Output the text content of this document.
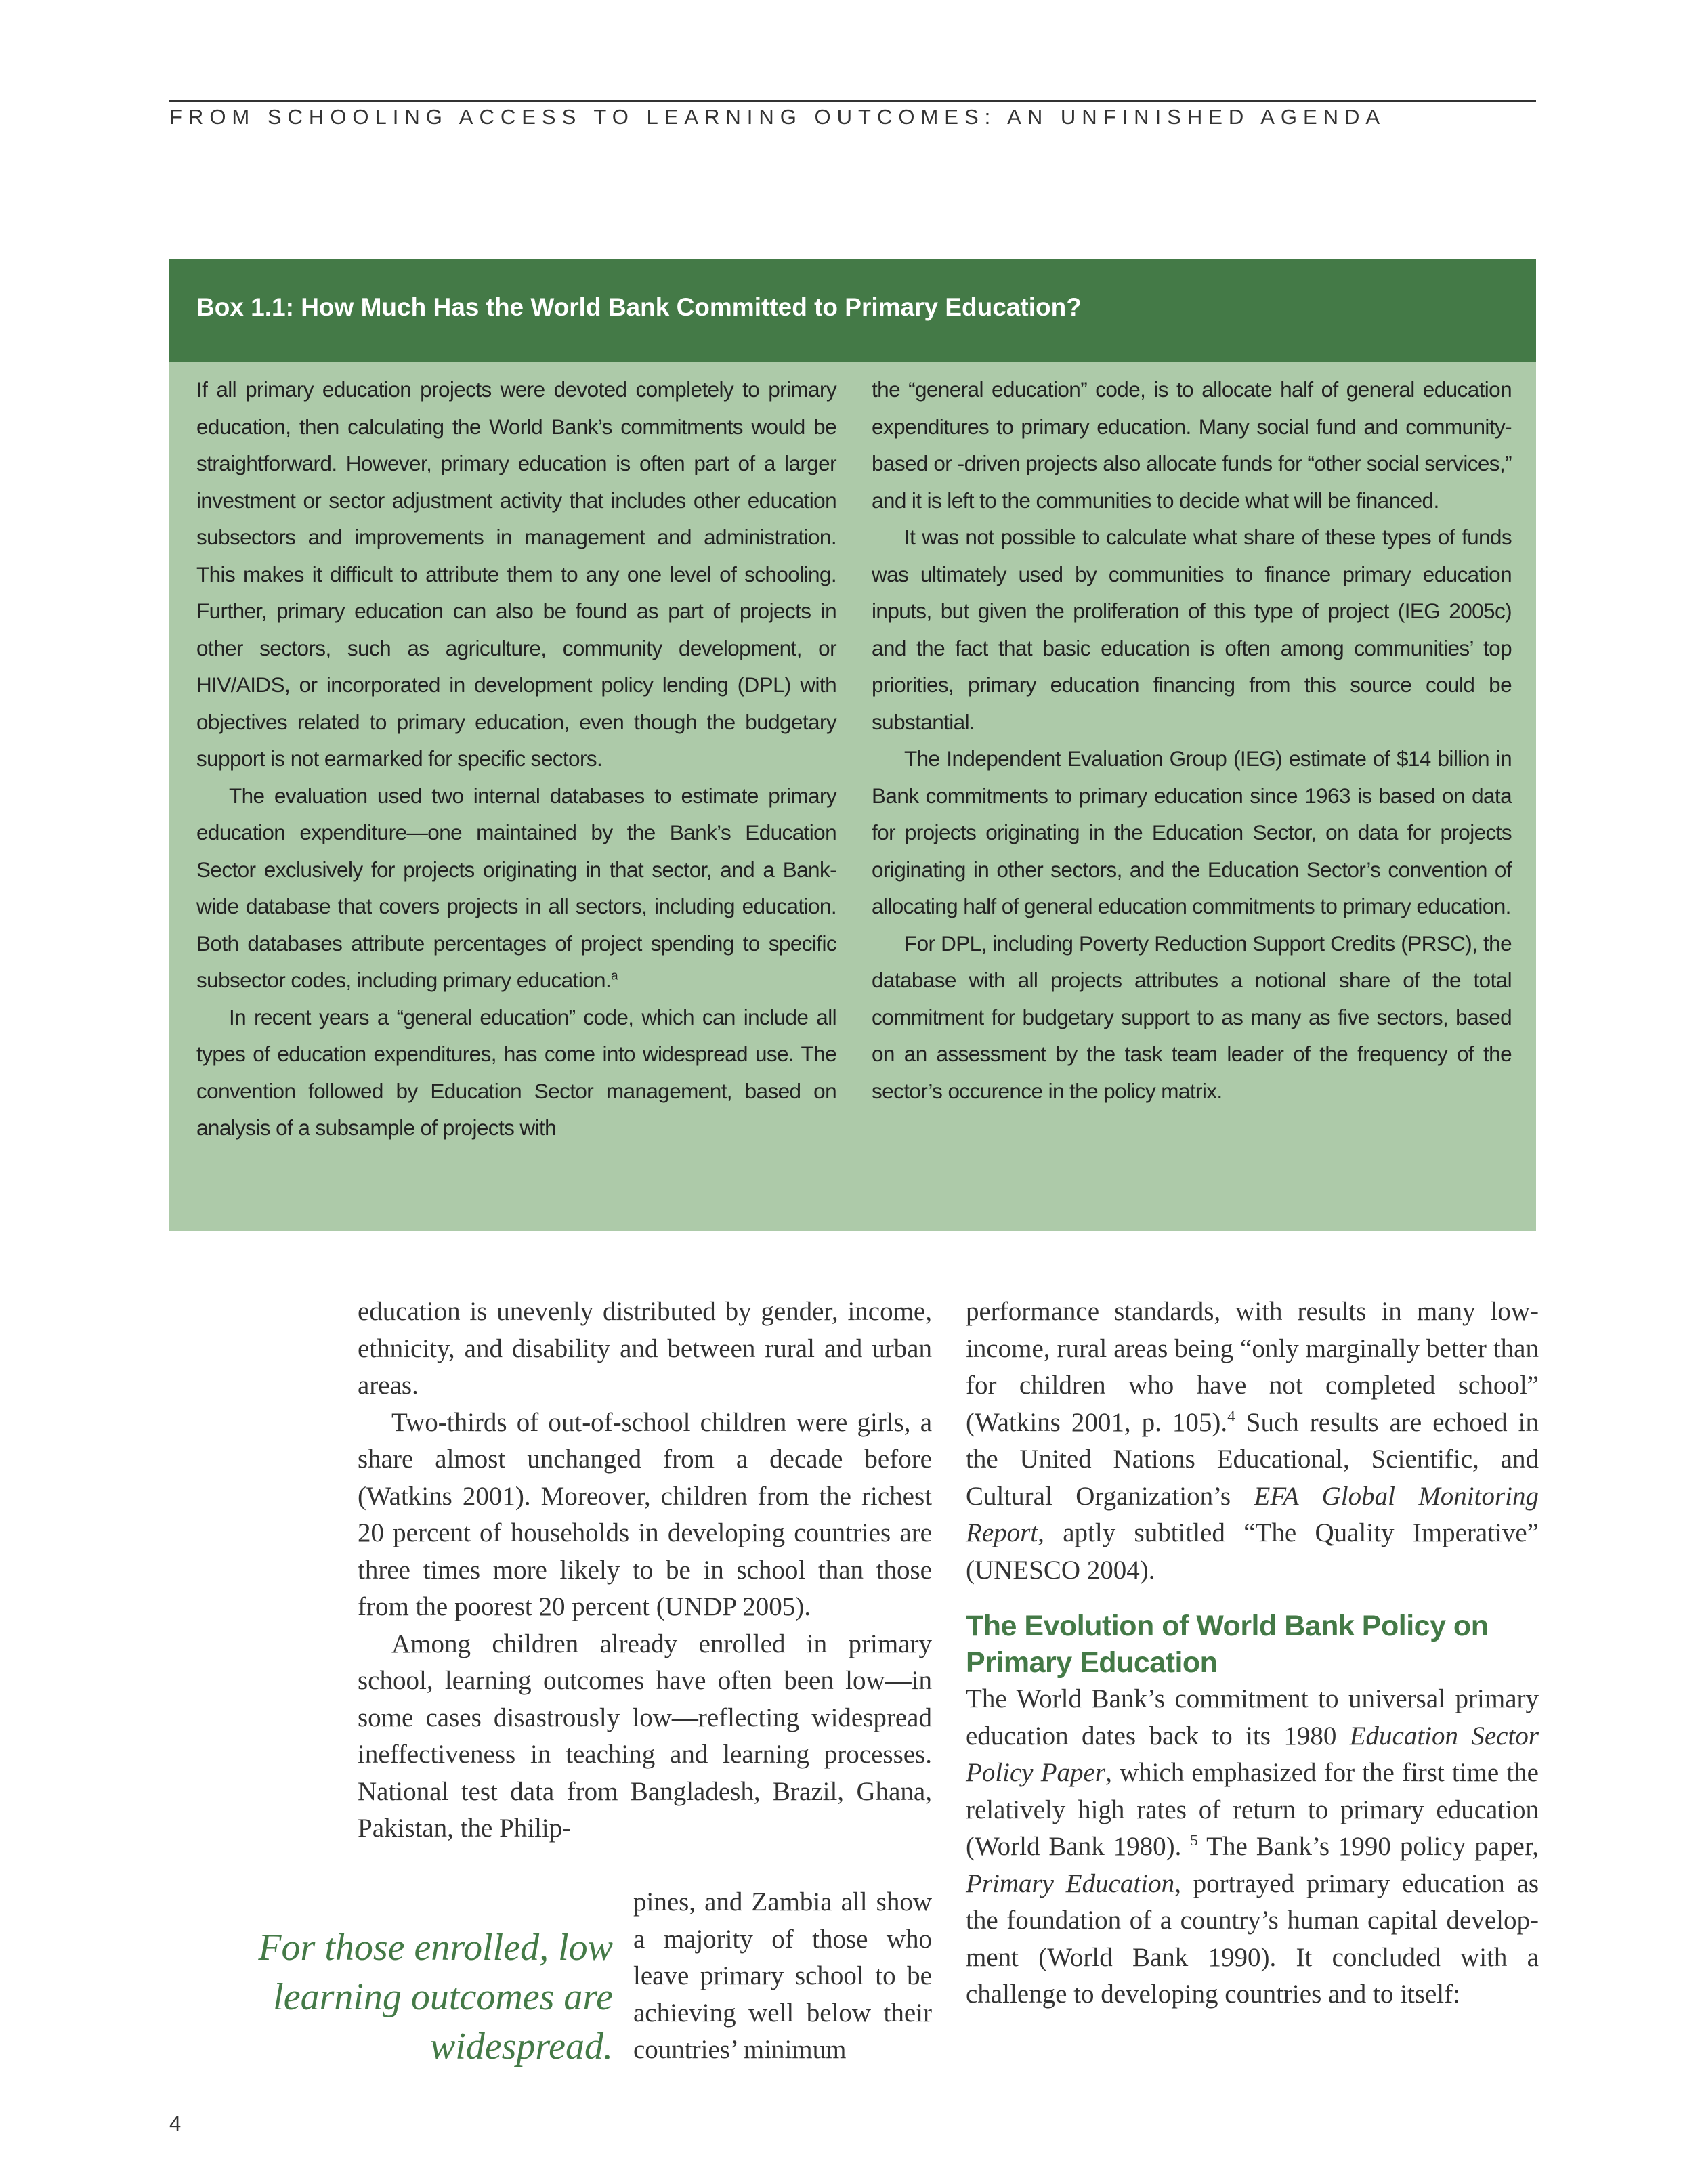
FROM SCHOOLING ACCESS TO LEARNING OUTCOMES: AN UNFINISHED AGENDA
Box 1.1: How Much Has the World Bank Committed to Primary Education?

If all primary education projects were devoted completely to primary education, then calculating the World Bank’s commitments would be straightforward. However, primary education is often part of a larger investment or sector adjustment activity that includes other education subsectors and improvements in management and administration. This makes it difficult to attribute them to any one level of schooling. Further, primary education can also be found as part of projects in other sectors, such as agriculture, community development, or HIV/AIDS, or incorporated in development policy lending (DPL) with objectives related to primary education, even though the budgetary support is not earmarked for specific sectors.

The evaluation used two internal databases to estimate primary education expenditure—one maintained by the Bank’s Education Sector exclusively for projects originating in that sector, and a Bank-wide database that covers projects in all sectors, including education. Both databases attribute percentages of project spending to specific subsector codes, including primary education.$^a$

In recent years a “general education” code, which can include all types of education expenditures, has come into widespread use. The convention followed by Education Sector management, based on analysis of a subsample of projects with

the “general education” code, is to allocate half of general education expenditures to primary education. Many social fund and community-based or -driven projects also allocate funds for “other social services,” and it is left to the communities to decide what will be financed.

It was not possible to calculate what share of these types of funds was ultimately used by communities to finance primary education inputs, but given the proliferation of this type of project (IEG 2005c) and the fact that basic education is often among communities’ top priorities, primary education financing from this source could be substantial.

The Independent Evaluation Group (IEG) estimate of $14 billion in Bank commitments to primary education since 1963 is based on data for projects originating in the Education Sector, on data for projects originating in other sectors, and the Education Sector’s convention of allocating half of general education commitments to primary education.

For DPL, including Poverty Reduction Support Credits (PRSC), the database with all projects attributes a notional share of the total commitment for budgetary support to as many as five sectors, based on an assessment by the task team leader of the frequency of the sector’s occurence in the policy matrix.

education is unevenly distributed by gender, income, ethnicity, and disability and between rural and urban areas.

Two-thirds of out-of-school children were girls, a share almost unchanged from a decade before (Watkins 2001). Moreover, children from the richest 20 percent of households in developing countries are three times more likely to be in school than those from the poorest 20 percent (UNDP 2005).

Among children already enrolled in primary school, learning outcomes have often been low—in some cases disastrously low—reflecting widespread ineffectiveness in teaching and learning processes. National test data from Bangladesh, Brazil, Ghana, Pakistan, the Philip-

pines, and Zambia all show a majority of those who leave primary school to be achieving well below their countries’ minimum

For those enrolled, low learning outcomes are widespread.

performance standards, with results in many low-income, rural areas being “only marginally better than for children who have not completed school” (Watkins 2001, p. 105).$^4$ Such results are echoed in the United Nations Educational, Scientific, and Cultural Organization’s EFA Global Monitoring Report, aptly subtitled “The Quality Imperative” (UNESCO 2004).

The Evolution of World Bank Policy on Primary Education

The World Bank’s commitment to universal primary education dates back to its 1980 Education Sector Policy Paper, which emphasized for the first time the relatively high rates of return to primary education (World Bank 1980). $^5$ The Bank’s 1990 policy paper, Primary Education, portrayed primary education as the foundation of a country’s human capital development (World Bank 1990). It concluded with a challenge to developing countries and to itself:

4
